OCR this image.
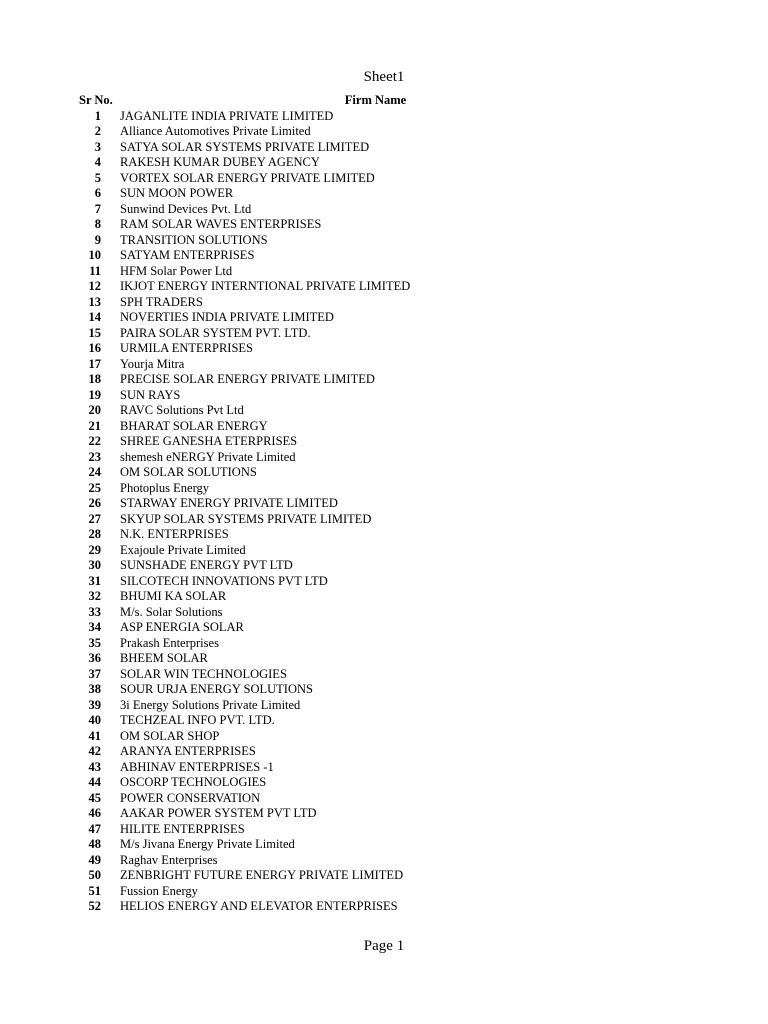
Sheet1
Sr No.	Firm Name
1	JAGANLITE INDIA PRIVATE LIMITED
2	Alliance Automotives Private Limited
3	SATYA SOLAR SYSTEMS PRIVATE LIMITED
4	RAKESH KUMAR DUBEY AGENCY
5	VORTEX SOLAR ENERGY PRIVATE LIMITED
6	SUN MOON POWER
7	Sunwind Devices Pvt. Ltd
8	RAM SOLAR WAVES ENTERPRISES
9	TRANSITION SOLUTIONS
10	SATYAM ENTERPRISES
11	HFM Solar Power Ltd
12	IKJOT ENERGY INTERNTIONAL PRIVATE LIMITED
13	SPH TRADERS
14	NOVERTIES INDIA PRIVATE LIMITED
15	PAIRA SOLAR SYSTEM PVT. LTD.
16	URMILA ENTERPRISES
17	Yourja Mitra
18	PRECISE SOLAR ENERGY PRIVATE LIMITED
19	SUN RAYS
20	RAVC Solutions Pvt Ltd
21	BHARAT SOLAR ENERGY
22	SHREE GANESHA ETERPRISES
23	shemesh eNERGY Private Limited
24	OM SOLAR SOLUTIONS
25	Photoplus Energy
26	STARWAY ENERGY PRIVATE LIMITED
27	SKYUP SOLAR SYSTEMS PRIVATE LIMITED
28	N.K. ENTERPRISES
29	Exajoule Private Limited
30	SUNSHADE ENERGY PVT LTD
31	SILCOTECH INNOVATIONS PVT LTD
32	BHUMI KA SOLAR
33	M/s. Solar Solutions
34	ASP ENERGIA SOLAR
35	Prakash Enterprises
36	BHEEM SOLAR
37	SOLAR WIN TECHNOLOGIES
38	SOUR URJA ENERGY SOLUTIONS
39	3i Energy Solutions Private Limited
40	TECHZEAL INFO PVT. LTD.
41	OM SOLAR SHOP
42	ARANYA ENTERPRISES
43	ABHINAV ENTERPRISES -1
44	OSCORP TECHNOLOGIES
45	POWER CONSERVATION
46	AAKAR POWER SYSTEM PVT LTD
47	HILITE ENTERPRISES
48	M/s Jivana Energy Private Limited
49	Raghav Enterprises
50	ZENBRIGHT FUTURE ENERGY PRIVATE LIMITED
51	Fussion Energy
52	HELIOS ENERGY AND ELEVATOR ENTERPRISES
Page 1
